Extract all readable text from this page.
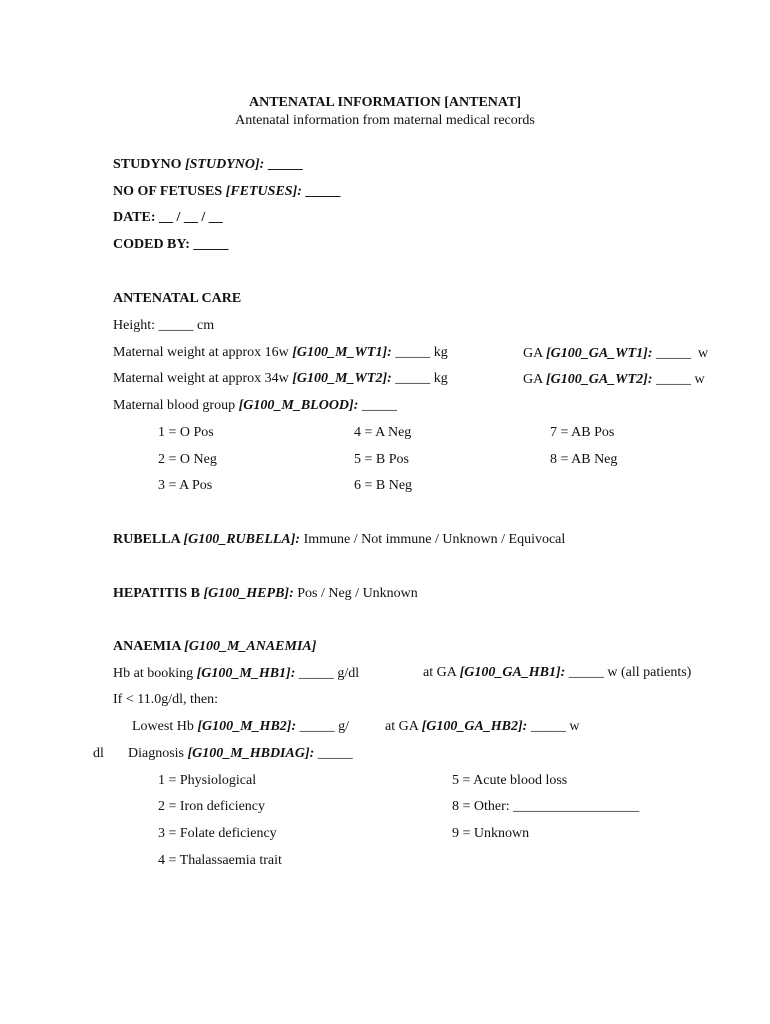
ANTENATAL INFORMATION [ANTENAT]
Antenatal information from maternal medical records
STUDYNO [STUDYNO]: _____
NO OF FETUSES [FETUSES]: _____
DATE: __ / __ / __
CODED BY: _____
ANTENATAL CARE
Height: _____ cm
Maternal weight at approx 16w [G100_M_WT1]: _____ kg	GA [G100_GA_WT1]: _____  w
Maternal weight at approx 34w [G100_M_WT2]: _____ kg	GA [G100_GA_WT2]: _____ w
Maternal blood group [G100_M_BLOOD]: _____
1 = O Pos
2 = O Neg
3 = A Pos
4 = A Neg
5 = B Pos
6 = B Neg
7 = AB Pos
8 = AB Neg
RUBELLA [G100_RUBELLA]: Immune / Not immune / Unknown / Equivocal
HEPATITIS B [G100_HEPB]: Pos / Neg / Unknown
ANAEMIA [G100_M_ANAEMIA]
Hb at booking [G100_M_HB1]: _____ g/dl	at GA [G100_GA_HB1]: _____ w (all patients)
If < 11.0g/dl, then:
Lowest Hb [G100_M_HB2]: _____ g/	at GA [G100_GA_HB2]: _____ w
dl Diagnosis [G100_M_HBDIAG]: _____
1 = Physiological
2 = Iron deficiency
3 = Folate deficiency
4 = Thalassaemia trait
5 = Acute blood loss
8 = Other: __________________
9 = Unknown
